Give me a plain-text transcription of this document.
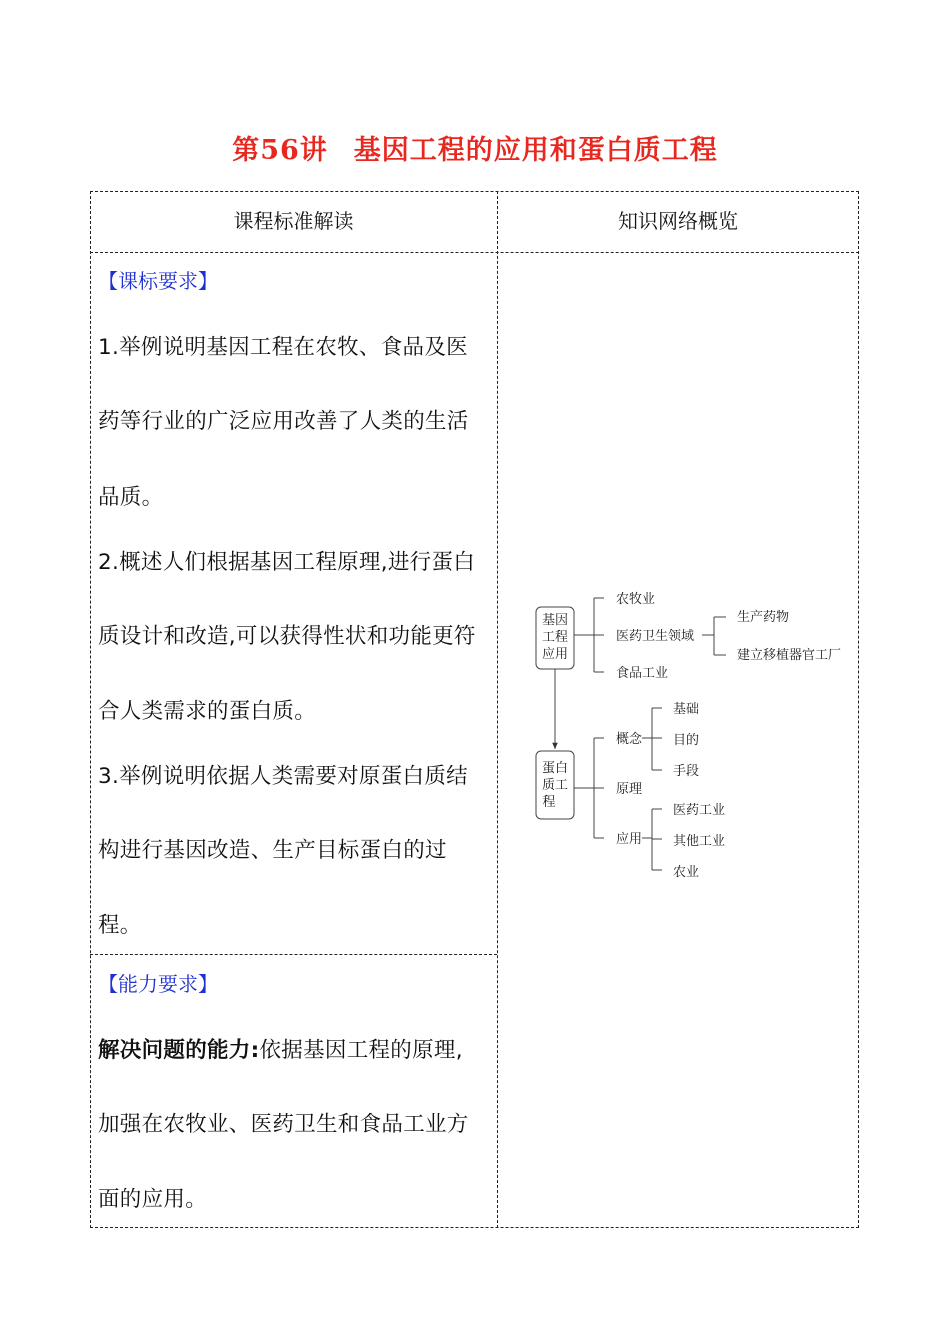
第56讲 基因工程的应用和蛋白质工程
课程标准解读	知识网络概览
【课标要求】
1.举例说明基因工程在农牧、食品及医
药等行业的广泛应用改善了人类的生活
品质。
2.概述人们根据基因工程原理,进行蛋白
质设计和改造,可以获得性状和功能更符
合人类需求的蛋白质。
3.举例说明依据人类需要对原蛋白质结
构进行基因改造、生产目标蛋白的过
程。
【能力要求】
解决问题的能力:依据基因工程的原理,
加强在农牧业、医药卫生和食品工业方
面的应用。
基因
工程
应用
蛋白
质工
程
农牧业
医药卫生领域
食品工业
生产药物
建立移植器官工厂
概念
原理
应用
基础
目的
手段
医药工业
其他工业
农业
